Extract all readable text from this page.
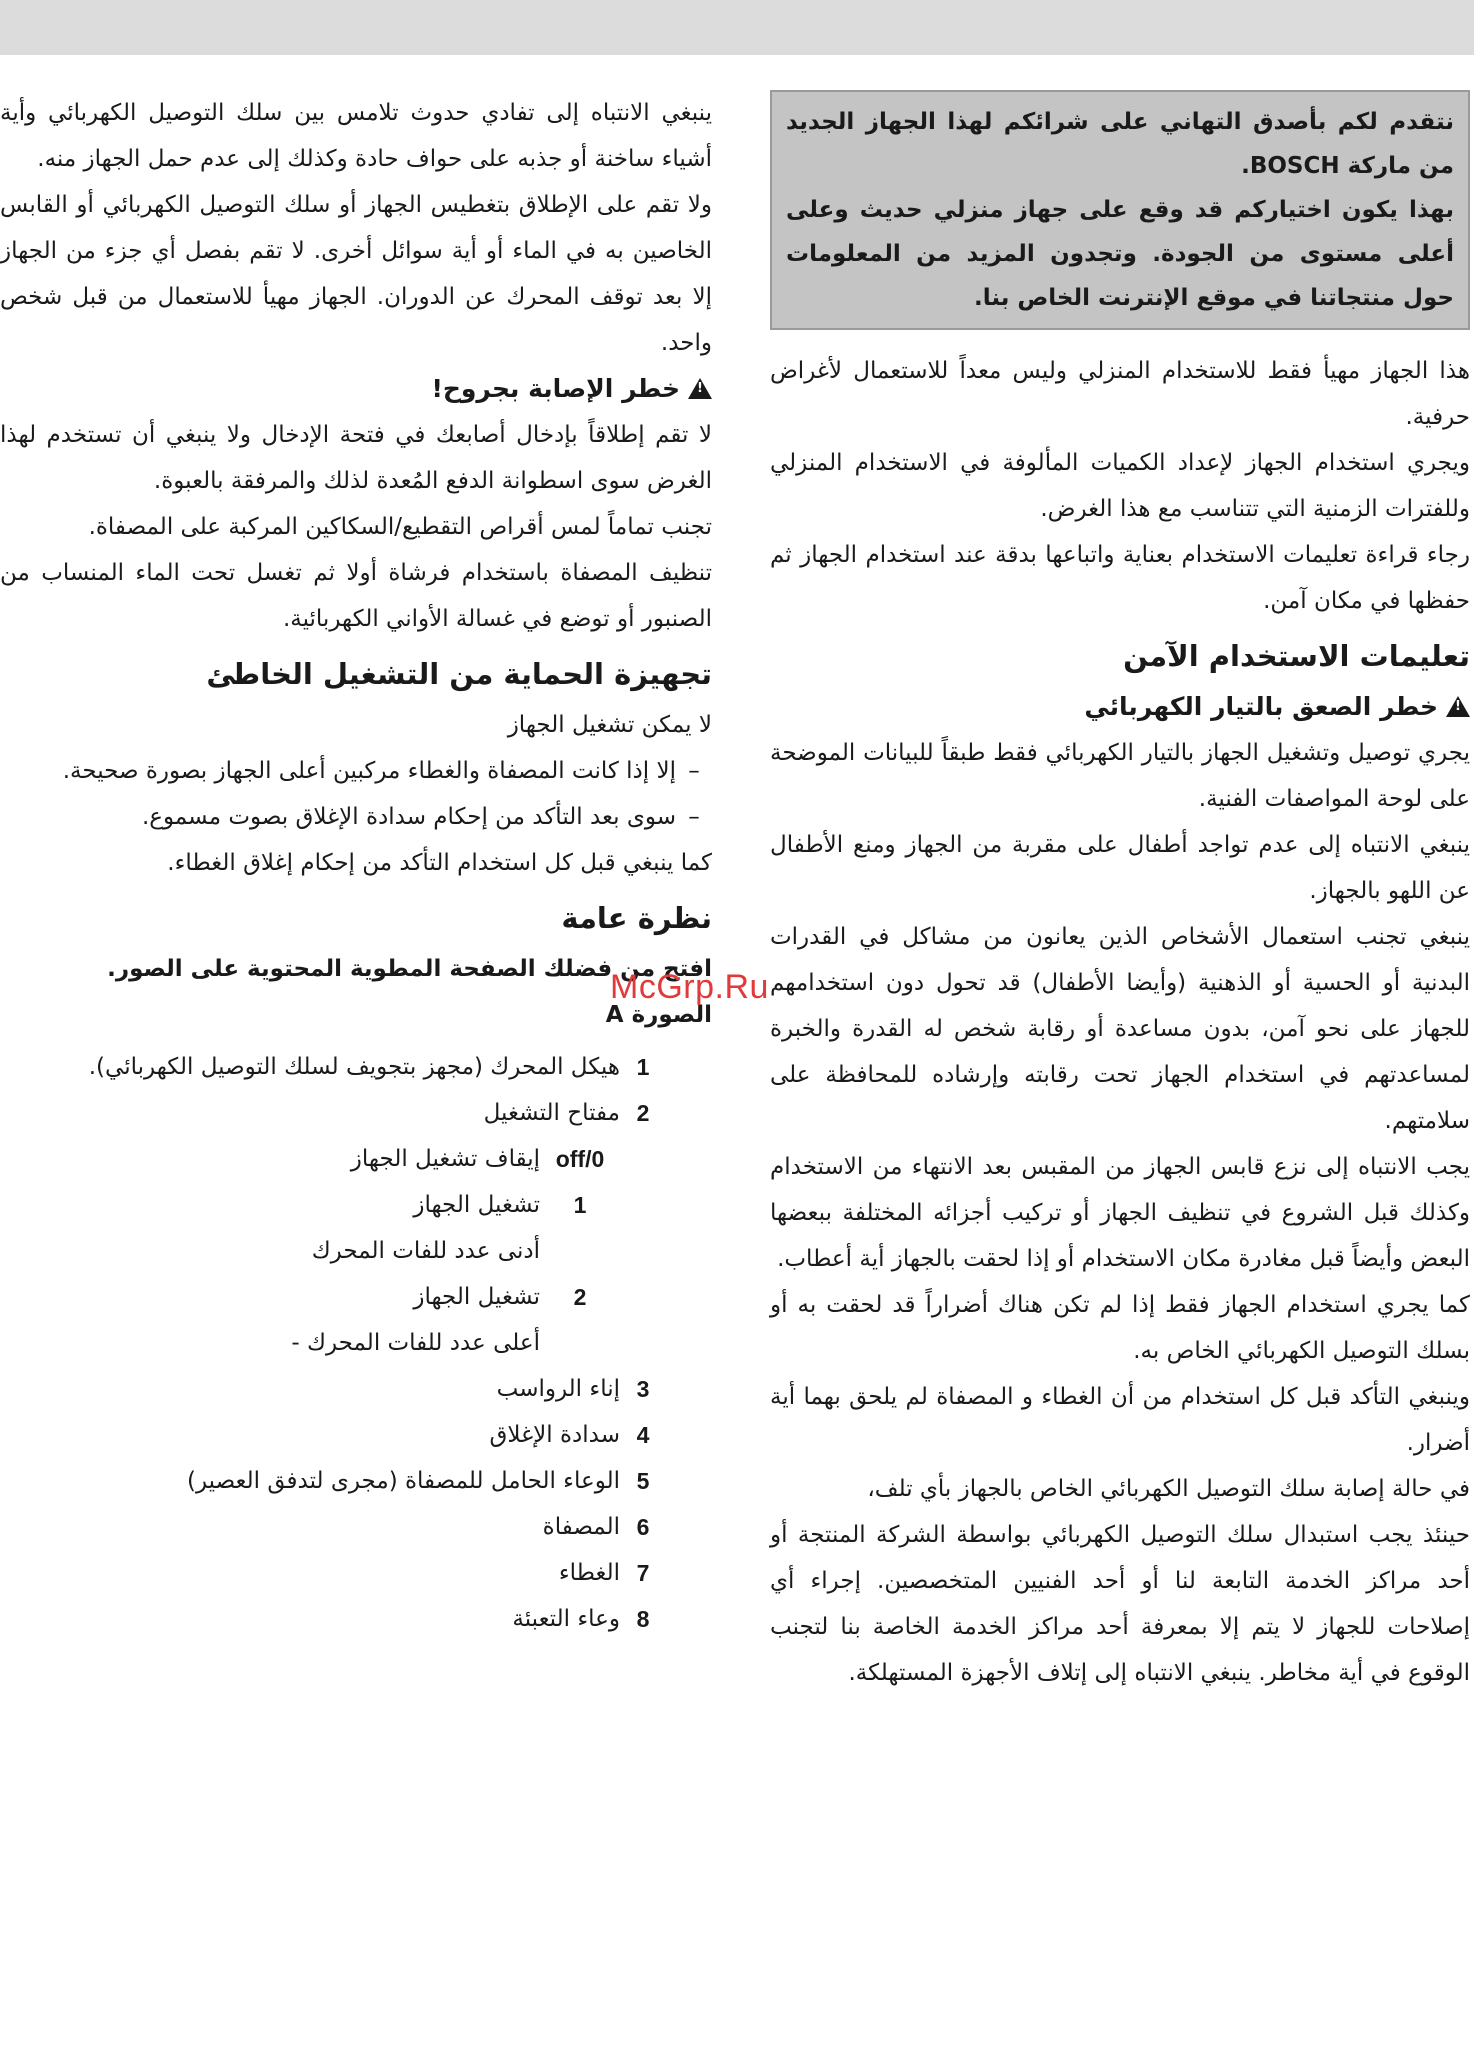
نتقدم لكم بأصدق التهاني على شرائكم لهذا الجهاز الجديد من ماركة BOSCH.

بهذا يكون اختياركم قد وقع على جهاز منزلي حديث وعلى أعلى مستوى من الجودة. وتجدون المزيد من المعلومات حول منتجاتنا في موقع الإنترنت الخاص بنا.

هذا الجهاز مهيأ فقط للاستخدام المنزلي وليس معداً للاستعمال لأغراض حرفية.

ويجري استخدام الجهاز لإعداد الكميات المألوفة في الاستخدام المنزلي وللفترات الزمنية التي تتناسب مع هذا الغرض.

رجاء قراءة تعليمات الاستخدام بعناية واتباعها بدقة عند استخدام الجهاز ثم حفظها في مكان آمن.

تعليمات الاستخدام الآمن
!خطر الصعق بالتيار الكهربائي

يجري توصيل وتشغيل الجهاز بالتيار الكهربائي فقط طبقاً للبيانات الموضحة على لوحة المواصفات الفنية.

ينبغي الانتباه إلى عدم تواجد أطفال على مقربة من الجهاز ومنع الأطفال عن اللهو بالجهاز.

ينبغي تجنب استعمال الأشخاص الذين يعانون من مشاكل في القدرات البدنية أو الحسية أو الذهنية (وأيضا الأطفال) قد تحول دون استخدامهم للجهاز على نحو آمن، بدون مساعدة أو رقابة شخص له القدرة والخبرة لمساعدتهم في استخدام الجهاز تحت رقابته وإرشاده للمحافظة على سلامتهم.

يجب الانتباه إلى نزع قابس الجهاز من المقبس بعد الانتهاء من الاستخدام وكذلك قبل الشروع في تنظيف الجهاز أو تركيب أجزائه المختلفة ببعضها البعض وأيضاً قبل مغادرة مكان الاستخدام أو إذا لحقت بالجهاز أية أعطاب.

كما يجري استخدام الجهاز فقط إذا لم تكن هناك أضراراً قد لحقت به أو بسلك التوصيل الكهربائي الخاص به.

وينبغي التأكد قبل كل استخدام من أن الغطاء و المصفاة لم يلحق بهما أية أضرار.

في حالة إصابة سلك التوصيل الكهربائي الخاص بالجهاز بأي تلف،

حينئذ يجب استبدال سلك التوصيل الكهربائي بواسطة الشركة المنتجة أو أحد مراكز الخدمة التابعة لنا أو أحد الفنيين المتخصصين. إجراء أي إصلاحات للجهاز لا يتم إلا بمعرفة أحد مراكز الخدمة الخاصة بنا لتجنب الوقوع في أية مخاطر. ينبغي الانتباه إلى إتلاف الأجهزة المستهلكة.

ينبغي الانتباه إلى تفادي حدوث تلامس بين سلك التوصيل الكهربائي وأية أشياء ساخنة أو جذبه على حواف حادة وكذلك إلى عدم حمل الجهاز منه.

ولا تقم على الإطلاق بتغطيس الجهاز أو سلك التوصيل الكهربائي أو القابس الخاصين به في الماء أو أية سوائل أخرى. لا تقم بفصل أي جزء من الجهاز إلا بعد توقف المحرك عن الدوران. الجهاز مهيأ للاستعمال من قبل شخص واحد.

!خطر الإصابة بجروح!

لا تقم إطلاقاً بإدخال أصابعك في فتحة الإدخال ولا ينبغي أن تستخدم لهذا الغرض سوى اسطوانة الدفع المُعدة لذلك والمرفقة بالعبوة.

تجنب تماماً لمس أقراص التقطيع/السكاكين المركبة على المصفاة.

تنظيف المصفاة باستخدام فرشاة أولا ثم تغسل تحت الماء المنساب من الصنبور أو توضع في غسالة الأواني الكهربائية.

تجهيزة الحماية من التشغيل الخاطئ

لا يمكن تشغيل الجهاز

–
إلا إذا كانت المصفاة والغطاء مركبين أعلى الجهاز بصورة صحيحة.
–
سوى بعد التأكد من إحكام سدادة الإغلاق بصوت مسموع.

كما ينبغي قبل كل استخدام التأكد من إحكام إغلاق الغطاء.

نظرة عامة

افتح من فضلك الصفحة المطوية المحتوية على الصور.

الصورة A

1
هيكل المحرك (مجهز بتجويف لسلك التوصيل الكهربائي).
2
مفتاح التشغيل
off/0
إيقاف تشغيل الجهاز
1
تشغيل الجهاز
أدنى عدد للفات المحرك
2
تشغيل الجهاز
أعلى عدد للفات المحرك -
3
إناء الرواسب
4
سدادة الإغلاق
5
الوعاء الحامل للمصفاة (مجرى لتدفق العصير)
6
المصفاة
7
الغطاء
8
وعاء التعبئة
McGrp.Ru
